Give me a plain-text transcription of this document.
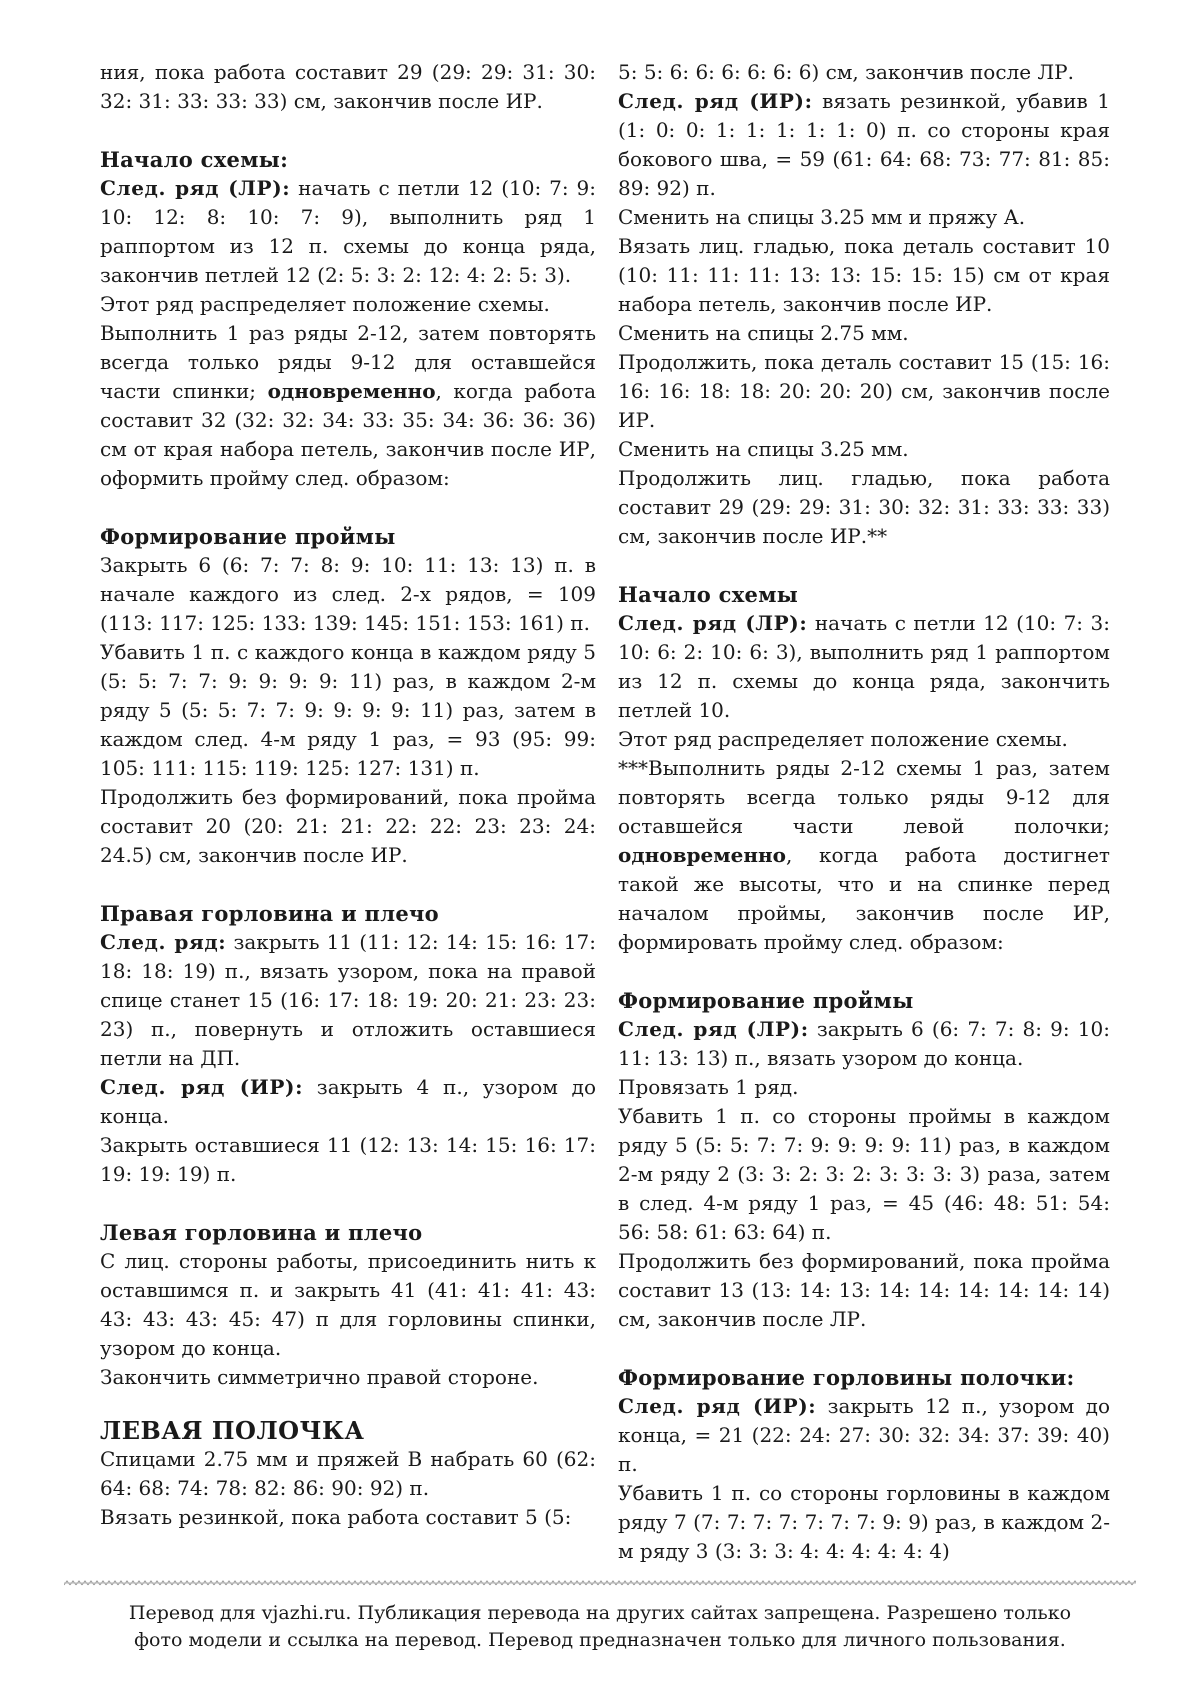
ния, пока работа составит 29 (29: 29: 31: 30: 32: 31: 33: 33: 33) см, закончив после ИР.

Начало схемы:

След. ряд (ЛР): начать с петли 12 (10: 7: 9: 10: 12: 8: 10: 7: 9), выполнить ряд 1 раппортом из 12 п. схемы до конца ряда, закончив петлей 12 (2: 5: 3: 2: 12: 4: 2: 5: 3).

Этот ряд распределяет положение схемы.

Выполнить 1 раз ряды 2-12, затем повторять всегда только ряды 9-12 для оставшейся части спинки; одновременно, когда работа составит 32 (32: 32: 34: 33: 35: 34: 36: 36: 36) см от края набора петель, закончив после ИР, оформить пройму след. образом:

Формирование проймы

Закрыть 6 (6: 7: 7: 8: 9: 10: 11: 13: 13) п. в начале каждого из след. 2-х рядов, = 109 (113: 117: 125: 133: 139: 145: 151: 153: 161) п.

Убавить 1 п. с каждого конца в каждом ряду 5 (5: 5: 7: 7: 9: 9: 9: 9: 11) раз, в каждом 2-м ряду 5 (5: 5: 7: 7: 9: 9: 9: 9: 11) раз, затем в каждом след. 4-м ряду 1 раз, = 93 (95: 99: 105: 111: 115: 119: 125: 127: 131) п.

Продолжить без формирований, пока пройма составит 20 (20: 21: 21: 22: 22: 23: 23: 24: 24.5) см, закончив после ИР.

Правая горловина и плечо

След. ряд: закрыть 11 (11: 12: 14: 15: 16: 17: 18: 18: 19) п., вязать узором, пока на правой спице станет 15 (16: 17: 18: 19: 20: 21: 23: 23: 23) п., повернуть и отложить оставшиеся петли на ДП.

След. ряд (ИР): закрыть 4 п., узором до конца.

Закрыть оставшиеся 11 (12: 13: 14: 15: 16: 17: 19: 19: 19) п.

Левая горловина и плечо

С лиц. стороны работы, присоединить нить к оставшимся п. и закрыть 41 (41: 41: 41: 43: 43: 43: 43: 45: 47) п для горловины спинки, узором до конца.

Закончить симметрично правой стороне.

ЛЕВАЯ ПОЛОЧКА

Спицами 2.75 мм и пряжей В набрать 60 (62: 64: 68: 74: 78: 82: 86: 90: 92) п.

Вязать резинкой, пока работа составит 5 (5:

5: 5: 6: 6: 6: 6: 6: 6) см, закончив после ЛР.

След. ряд (ИР): вязать резинкой, убавив 1 (1: 0: 0: 1: 1: 1: 1: 1: 0) п. со стороны края бокового шва, = 59 (61: 64: 68: 73: 77: 81: 85: 89: 92) п.

Сменить на спицы 3.25 мм и пряжу А.

Вязать лиц. гладью, пока деталь составит 10 (10: 11: 11: 11: 13: 13: 15: 15: 15) см от края набора петель, закончив после ИР.

Сменить на спицы 2.75 мм.

Продолжить, пока деталь составит 15 (15: 16: 16: 16: 18: 18: 20: 20: 20) см, закончив после ИР.

Сменить на спицы 3.25 мм.

Продолжить лиц. гладью, пока работа составит 29 (29: 29: 31: 30: 32: 31: 33: 33: 33) см, закончив после ИР.**

Начало схемы

След. ряд (ЛР): начать с петли 12 (10: 7: 3: 10: 6: 2: 10: 6: 3), выполнить ряд 1 раппортом из 12 п. схемы до конца ряда, закончить петлей 10.

Этот ряд распределяет положение схемы.

***Выполнить ряды 2-12 схемы 1 раз, затем повторять всегда только ряды 9-12 для оставшейся части левой полочки; одновременно, когда работа достигнет такой же высоты, что и на спинке перед началом проймы, закончив после ИР, формировать пройму след. образом:

Формирование проймы

След. ряд (ЛР): закрыть 6 (6: 7: 7: 8: 9: 10: 11: 13: 13) п., вязать узором до конца.

Провязать 1 ряд.

Убавить 1 п. со стороны проймы в каждом ряду 5 (5: 5: 7: 7: 9: 9: 9: 9: 11) раз, в каждом 2-м ряду 2 (3: 3: 2: 3: 2: 3: 3: 3: 3) раза, затем в след. 4-м ряду 1 раз, = 45 (46: 48: 51: 54: 56: 58: 61: 63: 64) п.

Продолжить без формирований, пока пройма составит 13 (13: 14: 13: 14: 14: 14: 14: 14: 14) см, закончив после ЛР.

Формирование горловины полочки:

След. ряд (ИР): закрыть 12 п., узором до конца, = 21 (22: 24: 27: 30: 32: 34: 37: 39: 40) п.

Убавить 1 п. со стороны горловины в каждом ряду 7 (7: 7: 7: 7: 7: 7: 7: 9: 9) раз, в каждом 2-м ряду 3 (3: 3: 3: 4: 4: 4: 4: 4: 4)

Перевод для vjazhi.ru. Публикация перевода на других сайтах запрещена. Разрешено только

фото модели и ссылка на перевод. Перевод предназначен только для личного пользования.
